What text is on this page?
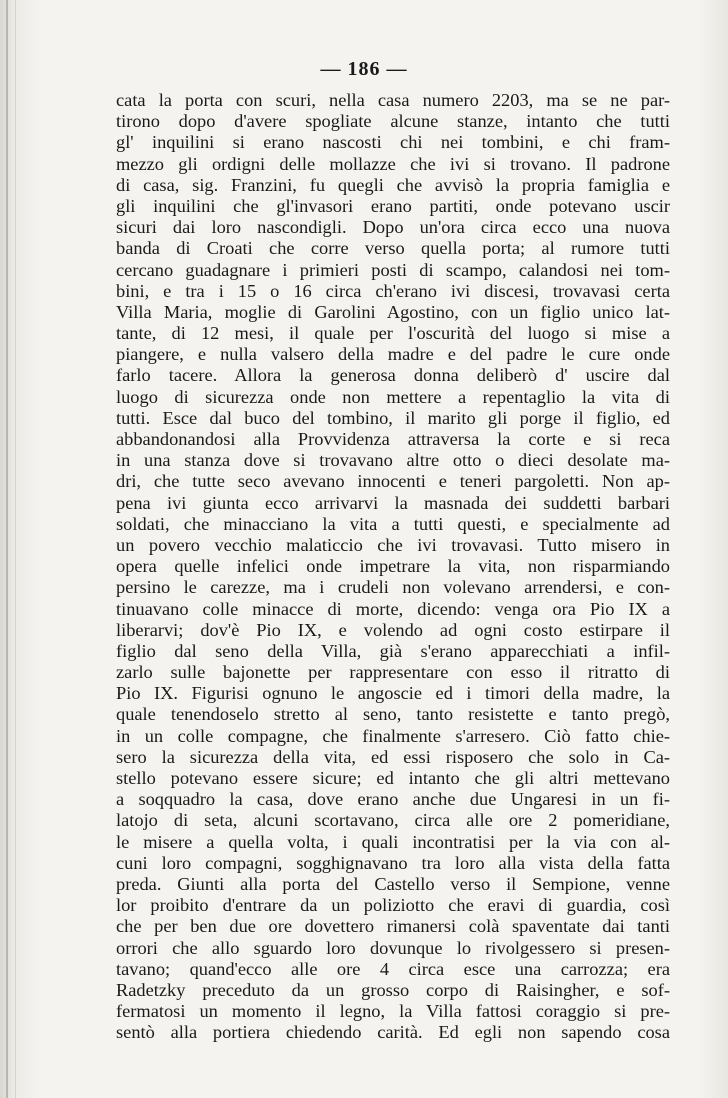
— 186 —
cata la porta con scuri, nella casa numero 2203, ma se ne par-
tirono dopo d'avere spogliate alcune stanze, intanto che tutti
gl' inquilini si erano nascosti chi nei tombini, e chi fram-
mezzo gli ordigni delle mollazze che ivi si trovano. Il padrone
di casa, sig. Franzini, fu quegli che avvisò la propria famiglia e
gli inquilini che gl'invasori erano partiti, onde potevano uscir
sicuri dai loro nascondigli. Dopo un'ora circa ecco una nuova
banda di Croati che corre verso quella porta; al rumore tutti
cercano guadagnare i primieri posti di scampo, calandosi nei tom-
bini, e tra i 15 o 16 circa ch'erano ivi discesi, trovavasi certa
Villa Maria, moglie di Garolini Agostino, con un figlio unico lat-
tante, di 12 mesi, il quale per l'oscurità del luogo si mise a
piangere, e nulla valsero della madre e del padre le cure onde
farlo tacere. Allora la generosa donna deliberò d' uscire dal
luogo di sicurezza onde non mettere a repentaglio la vita di
tutti. Esce dal buco del tombino, il marito gli porge il figlio, ed
abbandonandosi alla Provvidenza attraversa la corte e si reca
in una stanza dove si trovavano altre otto o dieci desolate ma-
dri, che tutte seco avevano innocenti e teneri pargoletti. Non ap-
pena ivi giunta ecco arrivarvi la masnada dei suddetti barbari
soldati, che minacciano la vita a tutti questi, e specialmente ad
un povero vecchio malaticcio che ivi trovavasi. Tutto misero in
opera quelle infelici onde impetrare la vita, non risparmiando
persino le carezze, ma i crudeli non volevano arrendersi, e con-
tinuavano colle minacce di morte, dicendo: venga ora Pio IX a
liberarvi; dov'è Pio IX, e volendo ad ogni costo estirpare il
figlio dal seno della Villa, già s'erano apparecchiati a infil-
zarlo sulle bajonette per rappresentare con esso il ritratto di
Pio IX. Figurisi ognuno le angoscie ed i timori della madre, la
quale tenendoselo stretto al seno, tanto resistette e tanto pregò,
in un colle compagne, che finalmente s'arresero. Ciò fatto chie-
sero la sicurezza della vita, ed essi risposero che solo in Ca-
stello potevano essere sicure; ed intanto che gli altri mettevano
a soqquadro la casa, dove erano anche due Ungaresi in un fi-
latojo di seta, alcuni scortavano, circa alle ore 2 pomeridiane,
le misere a quella volta, i quali incontratisi per la via con al-
cuni loro compagni, sogghignavano tra loro alla vista della fatta
preda. Giunti alla porta del Castello verso il Sempione, venne
lor proibito d'entrare da un poliziotto che eravi di guardia, così
che per ben due ore dovettero rimanersi colà spaventate dai tanti
orrori che allo sguardo loro dovunque lo rivolgessero si presen-
tavano; quand'ecco alle ore 4 circa esce una carrozza; era
Radetzky preceduto da un grosso corpo di Raisingher, e sof-
fermatosi un momento il legno, la Villa fattosi coraggio si pre-
sentò alla portiera chiedendo carità. Ed egli non sapendo cosa
